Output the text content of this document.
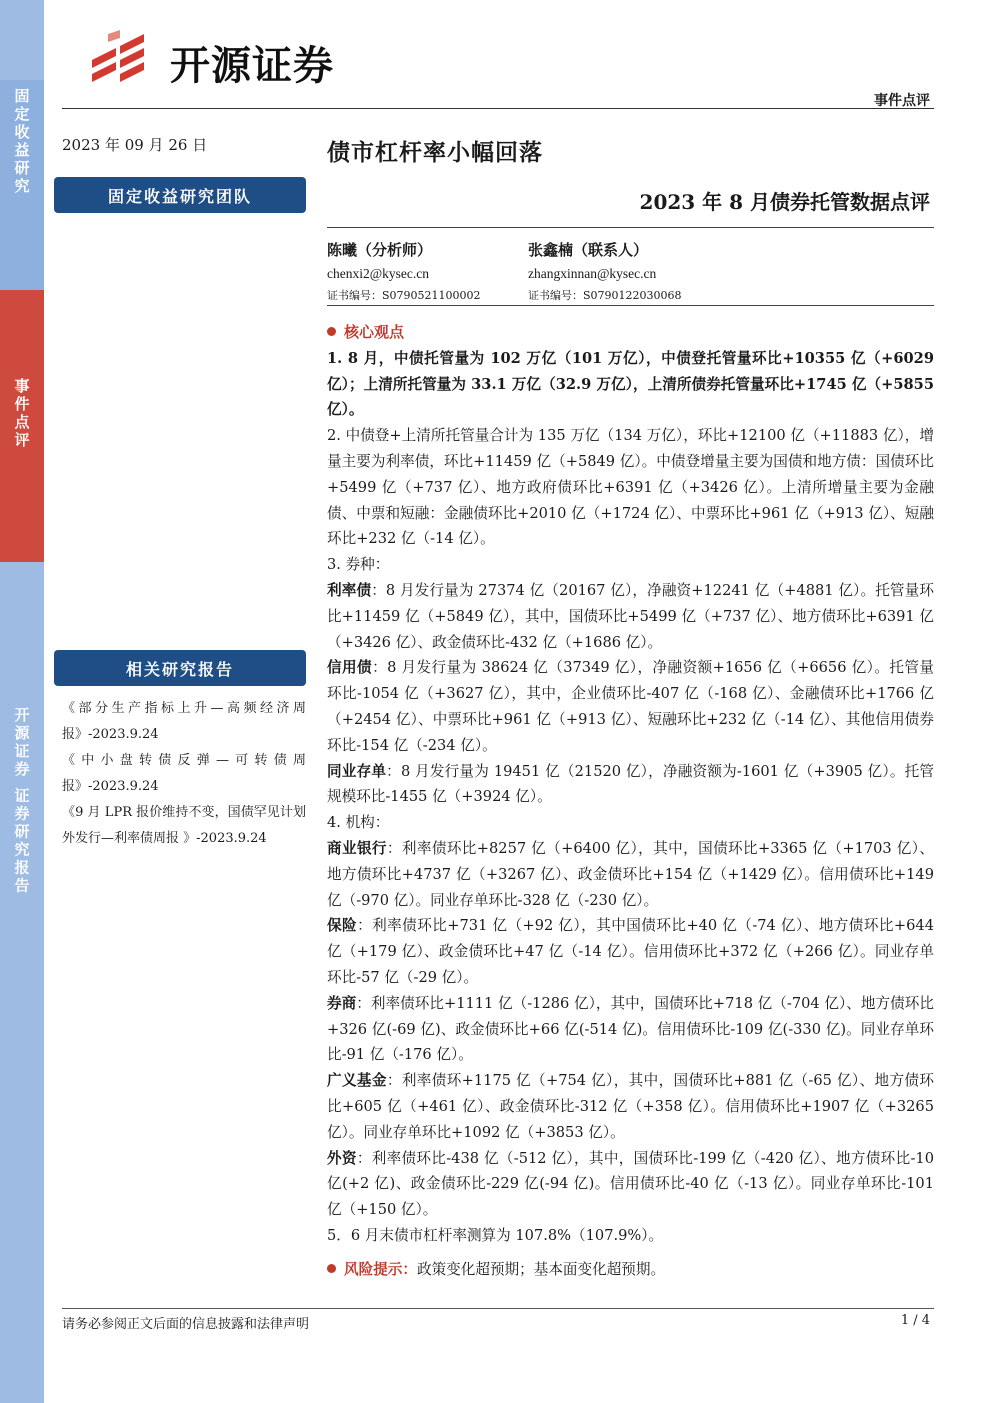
固定收益研究
事件点评
开源证券 证券研究报告
开源证券
事件点评
2023 年 09 月 26 日
固定收益研究团队
相关研究报告
《部分生产指标上升—高频经济周报》-2023.9.24
《中小盘转债反弹—可转债周报》-2023.9.24
《9 月 LPR 报价维持不变，国债罕见计划外发行—利率债周报 》-2023.9.24
债市杠杆率小幅回落
2023 年 8 月债券托管数据点评
陈曦（分析师）
chenxi2@kysec.cn
证书编号：S0790521100002
张鑫楠（联系人）
zhangxinnan@kysec.cn
证书编号：S0790122030068

核心观点

1. 8 月，中债托管量为 102 万亿（101 万亿），中债登托管量环比+10355 亿（+6029 亿）；上清所托管量为 33.1 万亿（32.9 万亿），上清所债券托管量环比+1745 亿（+5855 亿）。

2. 中债登+上清所托管量合计为 135 万亿（134 万亿），环比+12100 亿（+11883 亿），增量主要为利率债，环比+11459 亿（+5849 亿）。中债登增量主要为国债和地方债：国债环比+5499 亿（+737 亿）、地方政府债环比+6391 亿（+3426 亿）。上清所增量主要为金融债、中票和短融：金融债环比+2010 亿（+1724 亿）、中票环比+961 亿（+913 亿）、短融环比+232 亿（-14 亿）。

3. 券种：

利率债：8 月发行量为 27374 亿（20167 亿），净融资+12241 亿（+4881 亿）。托管量环比+11459 亿（+5849 亿），其中，国债环比+5499 亿（+737 亿）、地方债环比+6391 亿（+3426 亿）、政金债环比-432 亿（+1686 亿）。

信用债：8 月发行量为 38624 亿（37349 亿），净融资额+1656 亿（+6656 亿）。托管量环比-1054 亿（+3627 亿），其中，企业债环比-407 亿（-168 亿）、金融债环比+1766 亿（+2454 亿）、中票环比+961 亿（+913 亿）、短融环比+232 亿（-14 亿）、其他信用债券环比-154 亿（-234 亿）。

同业存单：8 月发行量为 19451 亿（21520 亿），净融资额为-1601 亿（+3905 亿）。托管规模环比-1455 亿（+3924 亿）。

4. 机构：

商业银行：利率债环比+8257 亿（+6400 亿），其中，国债环比+3365 亿（+1703 亿）、地方债环比+4737 亿（+3267 亿）、政金债环比+154 亿（+1429 亿）。信用债环比+149 亿（-970 亿）。同业存单环比-328 亿（-230 亿）。

保险：利率债环比+731 亿（+92 亿），其中国债环比+40 亿（-74 亿）、地方债环比+644 亿（+179 亿）、政金债环比+47 亿（-14 亿）。信用债环比+372 亿（+266 亿）。同业存单环比-57 亿（-29 亿）。

券商：利率债环比+1111 亿（-1286 亿），其中，国债环比+718 亿（-704 亿）、地方债环比+326 亿(-69 亿)、政金债环比+66 亿(-514 亿)。信用债环比-109 亿(-330 亿)。同业存单环比-91 亿（-176 亿）。

广义基金：利率债环+1175 亿（+754 亿），其中，国债环比+881 亿（-65 亿）、地方债环比+605 亿（+461 亿）、政金债环比-312 亿（+358 亿）。信用债环比+1907 亿（+3265 亿）。同业存单环比+1092 亿（+3853 亿）。

外资：利率债环比-438 亿（-512 亿），其中，国债环比-199 亿（-420 亿）、地方债环比-10 亿(+2 亿)、政金债环比-229 亿(-94 亿)。信用债环比-40 亿（-13 亿）。同业存单环比-101 亿（+150 亿）。

5．6 月末债市杠杆率测算为 107.8%（107.9%）。

风险提示：政策变化超预期；基本面变化超预期。

请务必参阅正文后面的信息披露和法律声明	1 / 4
